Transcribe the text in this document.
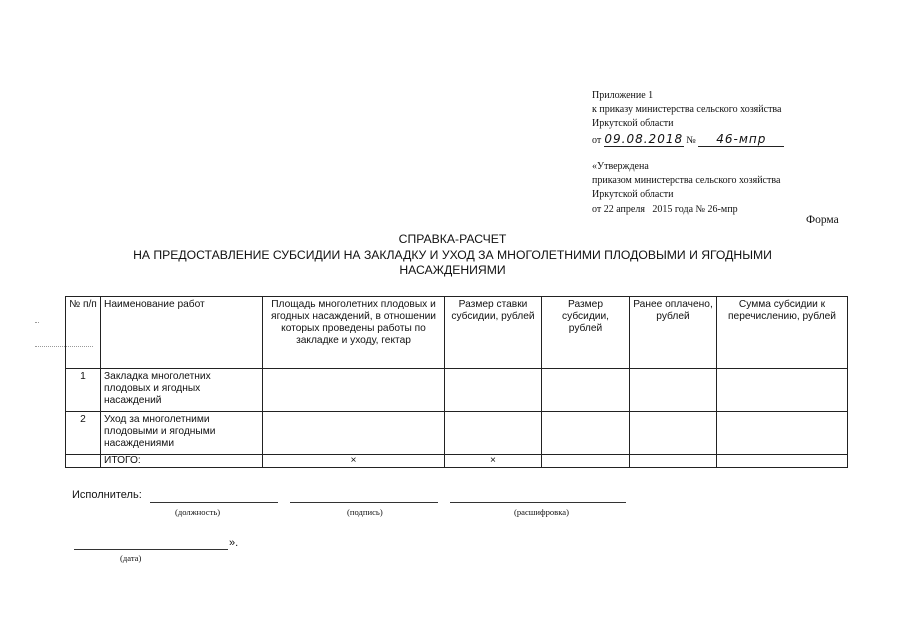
Приложение 1
к приказу министерства сельского хозяйства
Иркутской области
от 09.08.2018 № 46-мпр
«Утверждена
приказом министерства сельского хозяйства
Иркутской области
от 22 апреля   2015 года № 26-мпр
Форма
СПРАВКА-РАСЧЕТ
НА ПРЕДОСТАВЛЕНИЕ СУБСИДИИ НА ЗАКЛАДКУ И УХОД ЗА МНОГОЛЕТНИМИ ПЛОДОВЫМИ И ЯГОДНЫМИ
НАСАЖДЕНИЯМИ
№ п/п	Наименование работ	Площадь многолетних плодовых и ягодных насаждений, в отношении которых проведены работы по закладке и уходу, гектар	Размер ставки субсидии, рублей	Размер субсидии, рублей	Ранее оплачено, рублей	Сумма субсидии к перечислению, рублей
1	Закладка многолетних плодовых и ягодных насаждений					
2	Уход за многолетними плодовыми и ягодными насаждениями					
	ИТОГО:	×	×			
Исполнитель:
(должность)	(подпись)	(расшифровка)
».
(дата)
